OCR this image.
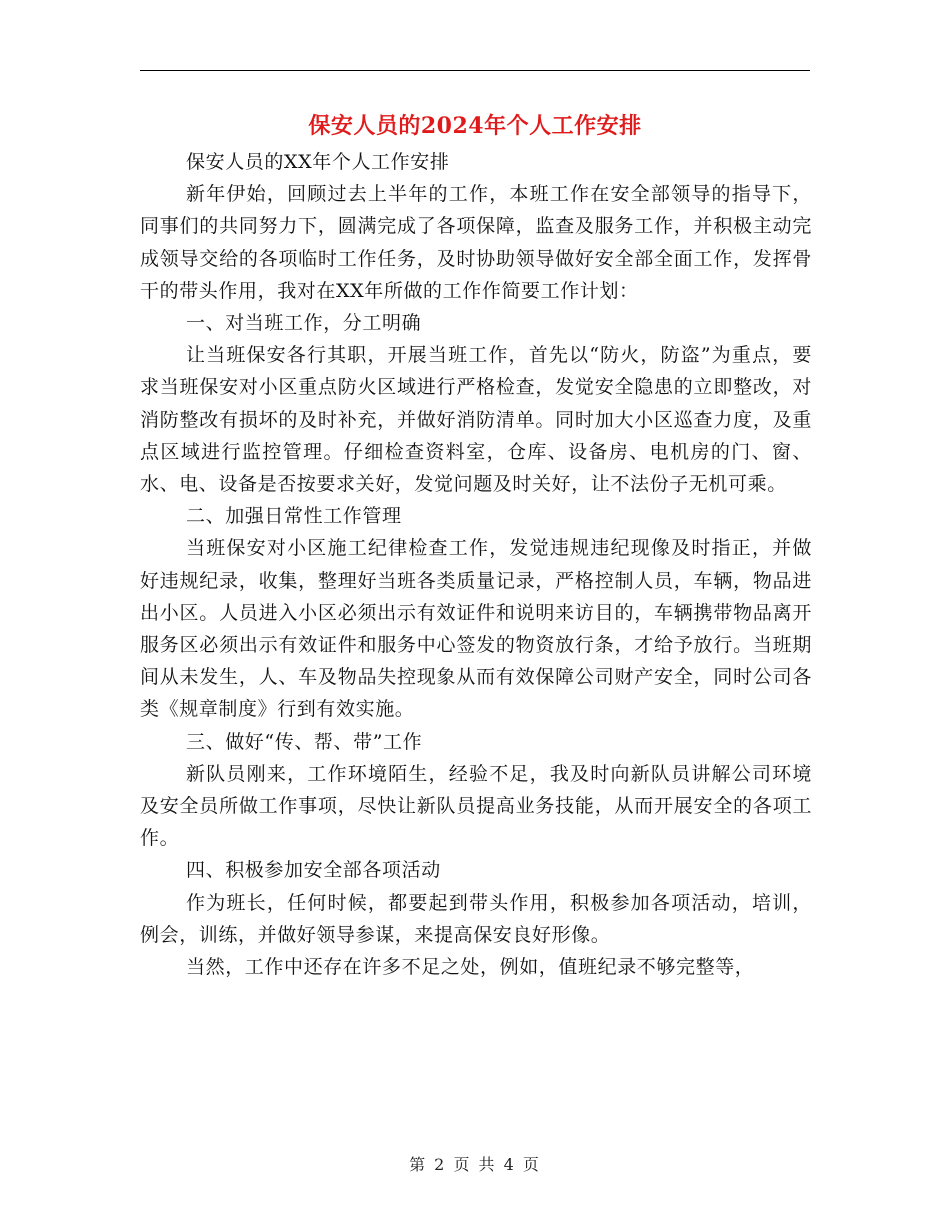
保安人员的2024年个人工作安排

保安人员的XX年个人工作安排

新年伊始，回顾过去上半年的工作，本班工作在安全部领导的指导下，同事们的共同努力下，圆满完成了各项保障，监查及服务工作，并积极主动完成领导交给的各项临时工作任务，及时协助领导做好安全部全面工作，发挥骨干的带头作用，我对在XX年所做的工作作简要工作计划：

一、对当班工作，分工明确

让当班保安各行其职，开展当班工作，首先以“防火，防盗”为重点，要求当班保安对小区重点防火区域进行严格检查，发觉安全隐患的立即整改，对消防整改有损坏的及时补充，并做好消防清单。同时加大小区巡查力度，及重点区域进行监控管理。仔细检查资料室，仓库、设备房、电机房的门、窗、水、电、设备是否按要求关好，发觉问题及时关好，让不法份子无机可乘。

二、加强日常性工作管理

当班保安对小区施工纪律检查工作，发觉违规违纪现像及时指正，并做好违规纪录，收集，整理好当班各类质量记录，严格控制人员，车辆，物品进出小区。人员进入小区必须出示有效证件和说明来访目的，车辆携带物品离开服务区必须出示有效证件和服务中心签发的物资放行条，才给予放行。当班期间从未发生，人、车及物品失控现象从而有效保障公司财产安全，同时公司各类《规章制度》行到有效实施。

三、做好“传、帮、带”工作

新队员刚来，工作环境陌生，经验不足，我及时向新队员讲解公司环境及安全员所做工作事项，尽快让新队员提高业务技能，从而开展安全的各项工作。

四、积极参加安全部各项活动

作为班长，任何时候，都要起到带头作用，积极参加各项活动，培训，例会，训练，并做好领导参谋，来提高保安良好形像。

当然，工作中还存在许多不足之处，例如，值班纪录不够完整等，

第 2 页 共 4 页
